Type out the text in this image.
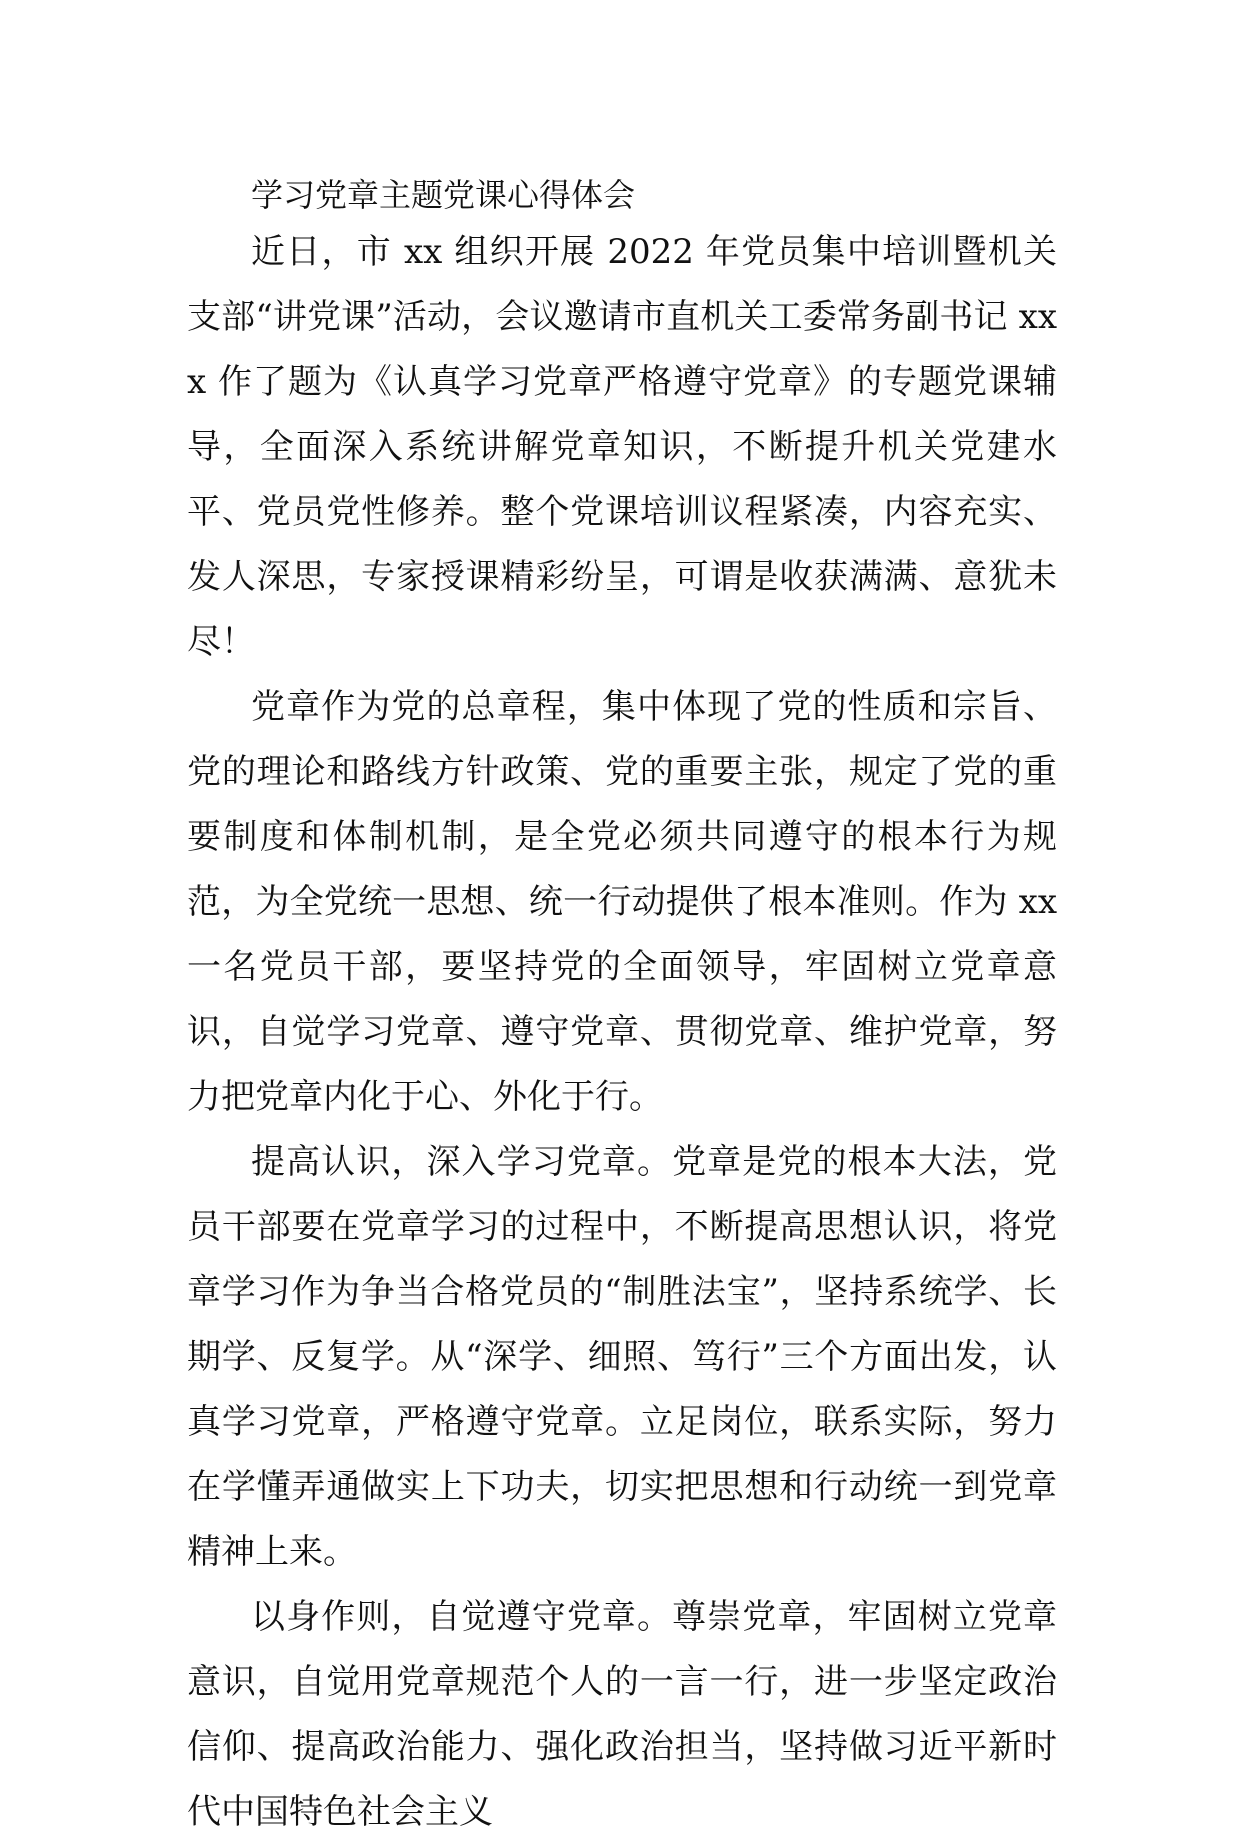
学习党章主题党课心得体会

近日，市 xx 组织开展 2022 年党员集中培训暨机关支部“讲党课”活动，会议邀请市直机关工委常务副书记 xxx 作了题为《认真学习党章严格遵守党章》的专题党课辅导，全面深入系统讲解党章知识，不断提升机关党建水平、党员党性修养。整个党课培训议程紧凑，内容充实、发人深思，专家授课精彩纷呈，可谓是收获满满、意犹未尽！

党章作为党的总章程，集中体现了党的性质和宗旨、党的理论和路线方针政策、党的重要主张，规定了党的重要制度和体制机制，是全党必须共同遵守的根本行为规范，为全党统一思想、统一行动提供了根本准则。作为 xx 一名党员干部，要坚持党的全面领导，牢固树立党章意识，自觉学习党章、遵守党章、贯彻党章、维护党章，努力把党章内化于心、外化于行。

提高认识，深入学习党章。党章是党的根本大法，党员干部要在党章学习的过程中，不断提高思想认识，将党章学习作为争当合格党员的“制胜法宝”，坚持系统学、长期学、反复学。从“深学、细照、笃行”三个方面出发，认真学习党章，严格遵守党章。立足岗位，联系实际，努力在学懂弄通做实上下功夫，切实把思想和行动统一到党章精神上来。

以身作则，自觉遵守党章。尊崇党章，牢固树立党章意识，自觉用党章规范个人的一言一行，进一步坚定政治信仰、提高政治能力、强化政治担当，坚持做习近平新时代中国特色社会主义
